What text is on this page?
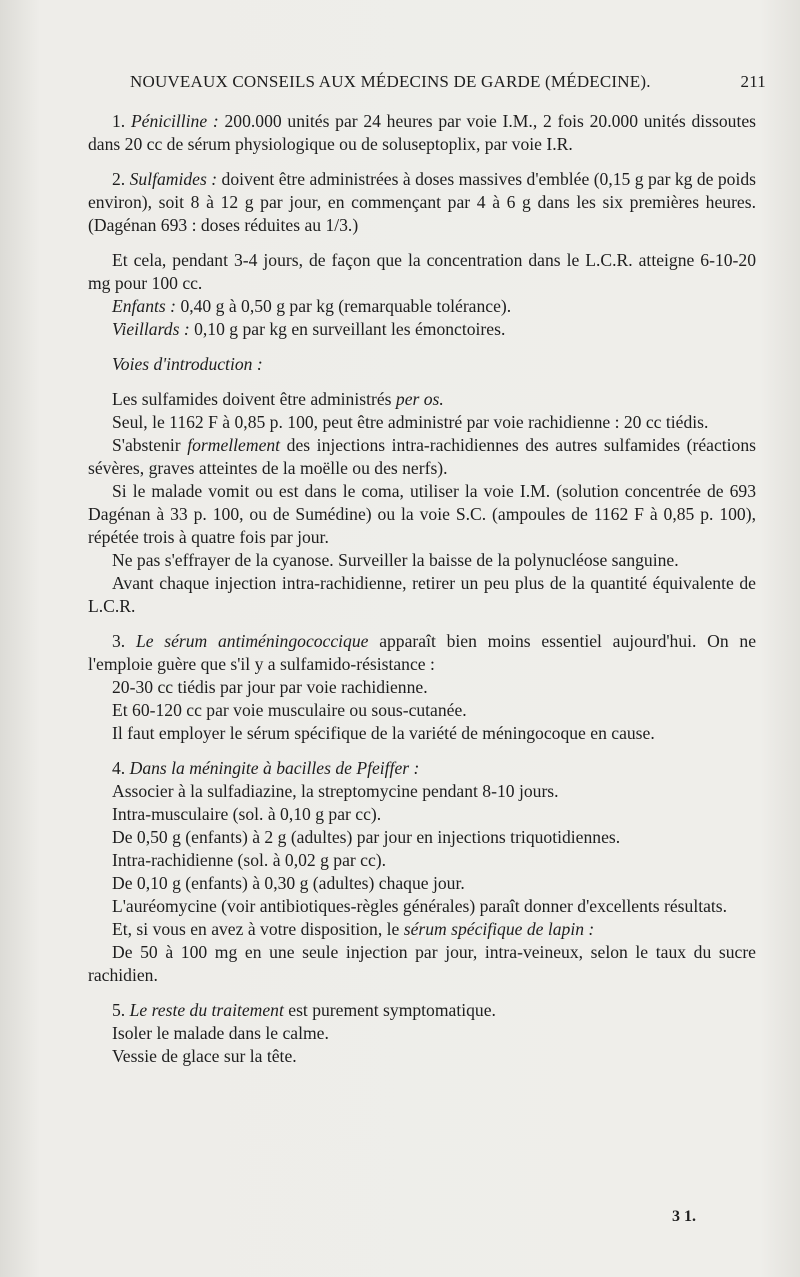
NOUVEAUX CONSEILS AUX MÉDECINS DE GARDE (MÉDECINE).	211

1. Pénicilline : 200.000 unités par 24 heures par voie I.M., 2 fois 20.000 unités dissoutes dans 20 cc de sérum physiologique ou de soluseptoplix, par voie I.R.

2. Sulfamides : doivent être administrées à doses massives d'emblée (0,15 g par kg de poids environ), soit 8 à 12 g par jour, en commençant par 4 à 6 g dans les six premières heures. (Dagénan 693 : doses réduites au 1/3.)

Et cela, pendant 3-4 jours, de façon que la concentration dans le L.C.R. atteigne 6-10-20 mg pour 100 cc.

Enfants : 0,40 g à 0,50 g par kg (remarquable tolérance).

Vieillards : 0,10 g par kg en surveillant les émonctoires.

Voies d'introduction :

Les sulfamides doivent être administrés per os.

Seul, le 1162 F à 0,85 p. 100, peut être administré par voie rachidienne : 20 cc tiédis.

S'abstenir formellement des injections intra-rachidiennes des autres sulfamides (réactions sévères, graves atteintes de la moëlle ou des nerfs).

Si le malade vomit ou est dans le coma, utiliser la voie I.M. (solution concentrée de 693 Dagénan à 33 p. 100, ou de Sumédine) ou la voie S.C. (ampoules de 1162 F à 0,85 p. 100), répétée trois à quatre fois par jour.

Ne pas s'effrayer de la cyanose. Surveiller la baisse de la polynucléose sanguine.

Avant chaque injection intra-rachidienne, retirer un peu plus de la quantité équivalente de L.C.R.

3. Le sérum antiméningococcique apparaît bien moins essentiel aujourd'hui. On ne l'emploie guère que s'il y a sulfamido-résistance :

20-30 cc tiédis par jour par voie rachidienne.

Et 60-120 cc par voie musculaire ou sous-cutanée.

Il faut employer le sérum spécifique de la variété de méningocoque en cause.

4. Dans la méningite à bacilles de Pfeiffer :

Associer à la sulfadiazine, la streptomycine pendant 8-10 jours.

Intra-musculaire (sol. à 0,10 g par cc).

De 0,50 g (enfants) à 2 g (adultes) par jour en injections triquotidiennes.

Intra-rachidienne (sol. à 0,02 g par cc).

De 0,10 g (enfants) à 0,30 g (adultes) chaque jour.

L'auréomycine (voir antibiotiques-règles générales) paraît donner d'excellents résultats.

Et, si vous en avez à votre disposition, le sérum spécifique de lapin :

De 50 à 100 mg en une seule injection par jour, intra-veineux, selon le taux du sucre rachidien.

5. Le reste du traitement est purement symptomatique.

Isoler le malade dans le calme.

Vessie de glace sur la tête.

3 1.
